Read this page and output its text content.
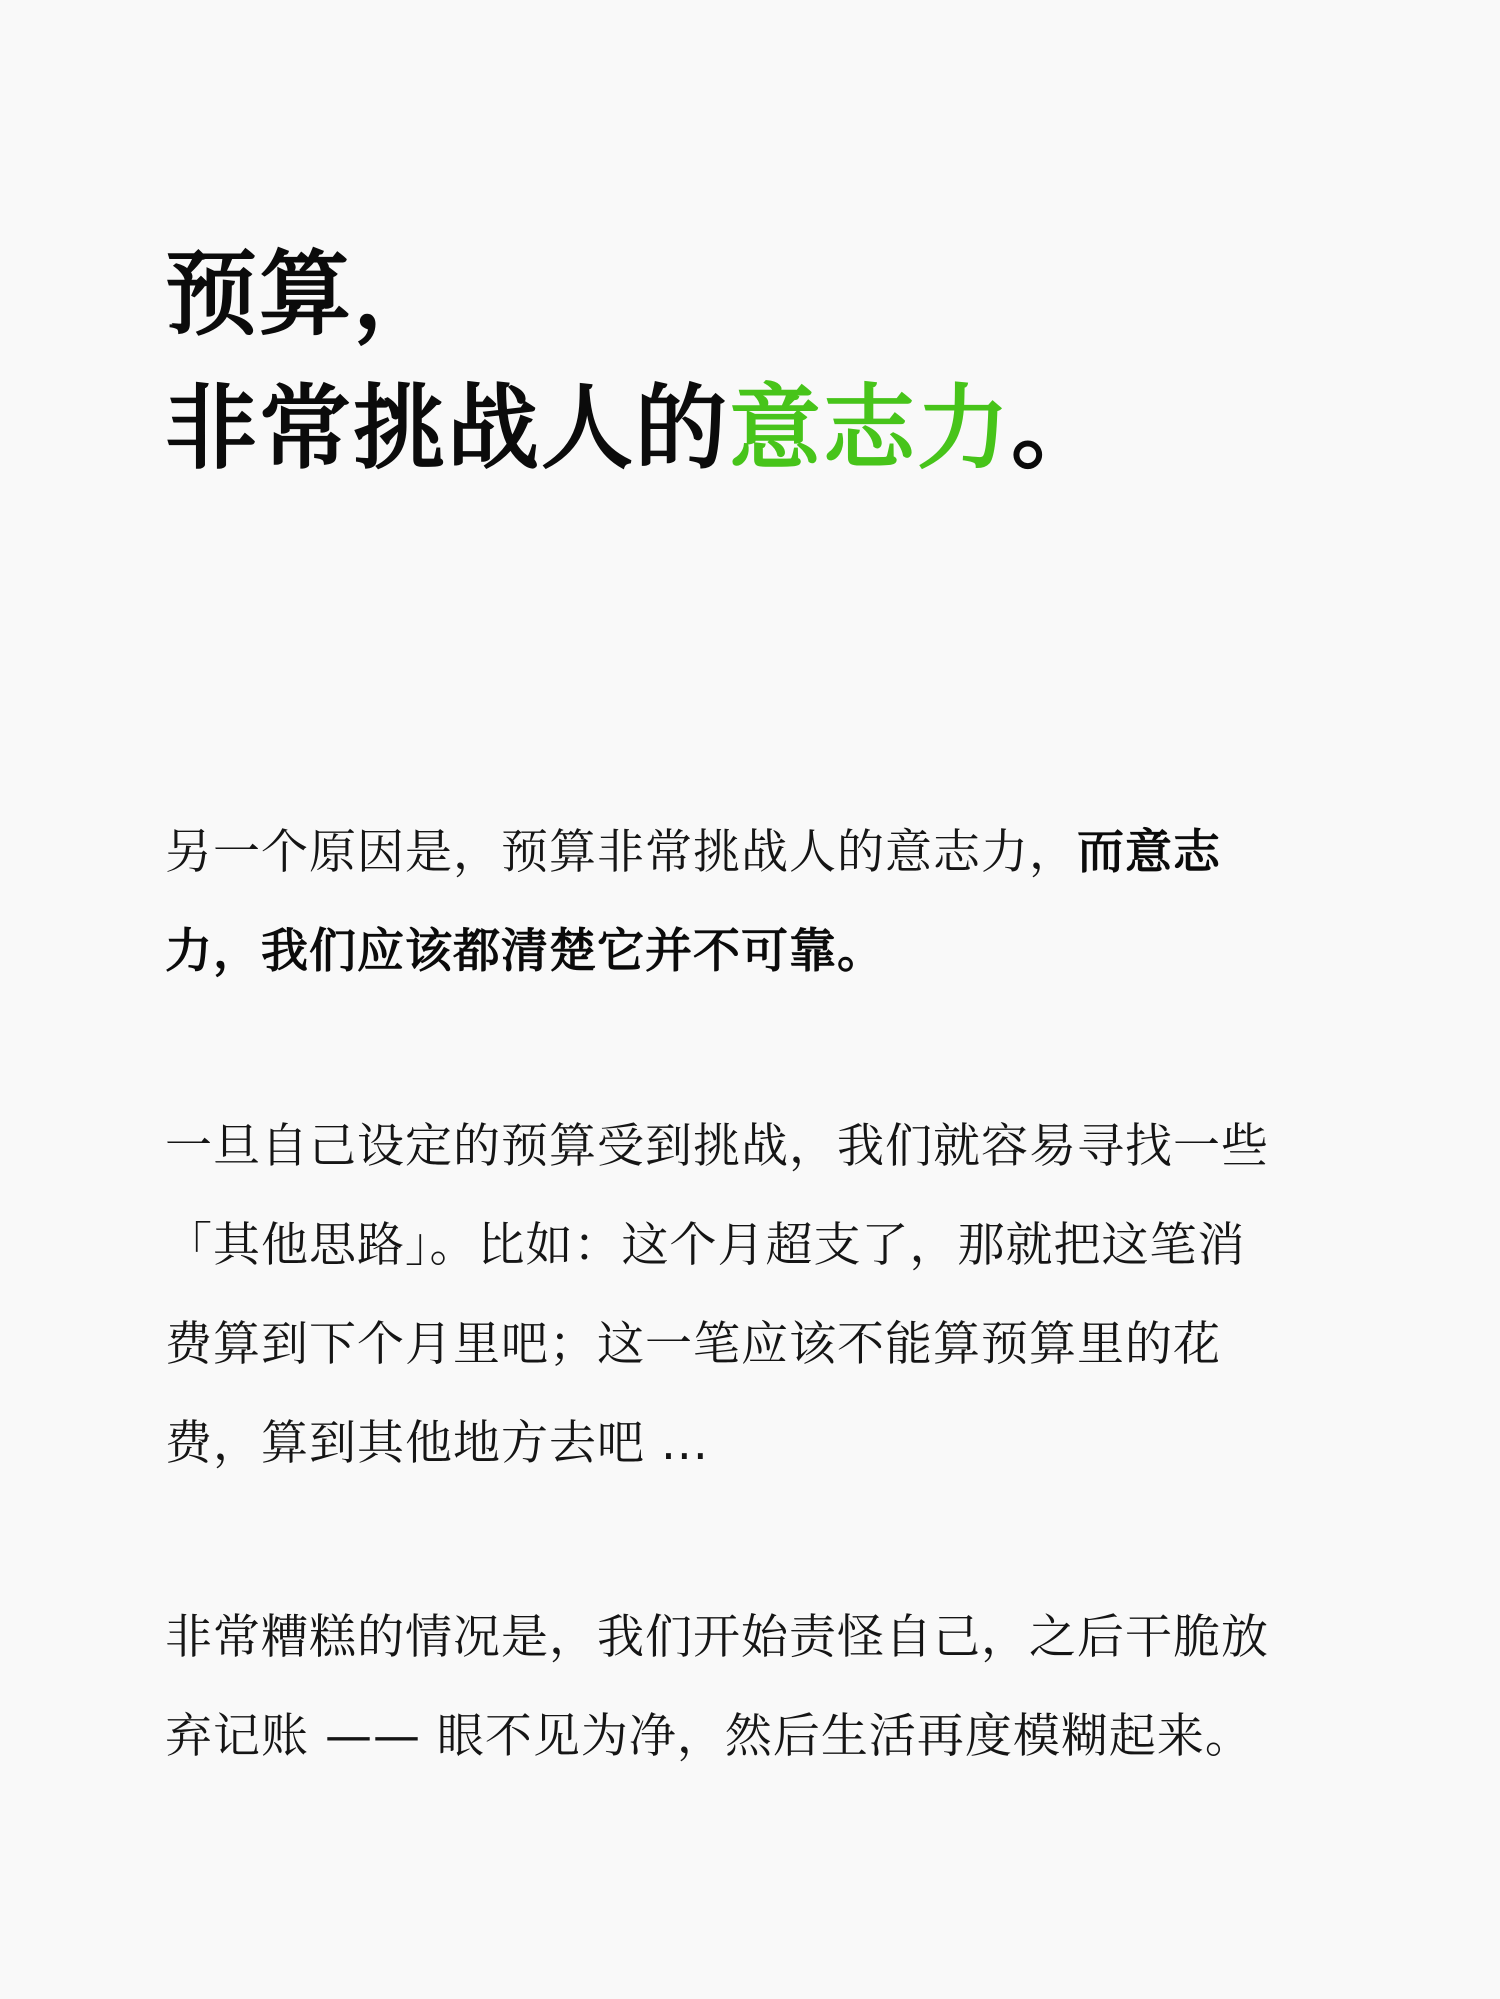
预算，
非常挑战人的意志力。

另一个原因是，预算非常挑战人的意志力，而意志
力，我们应该都清楚它并不可靠。

一旦自己设定的预算受到挑战，我们就容易寻找一些
「其他思路」。比如：这个月超支了，那就把这笔消
费算到下个月里吧；这一笔应该不能算预算里的花
费，算到其他地方去吧 ...

非常糟糕的情况是，我们开始责怪自己，之后干脆放
弃记账 —— 眼不见为净，然后生活再度模糊起来。
